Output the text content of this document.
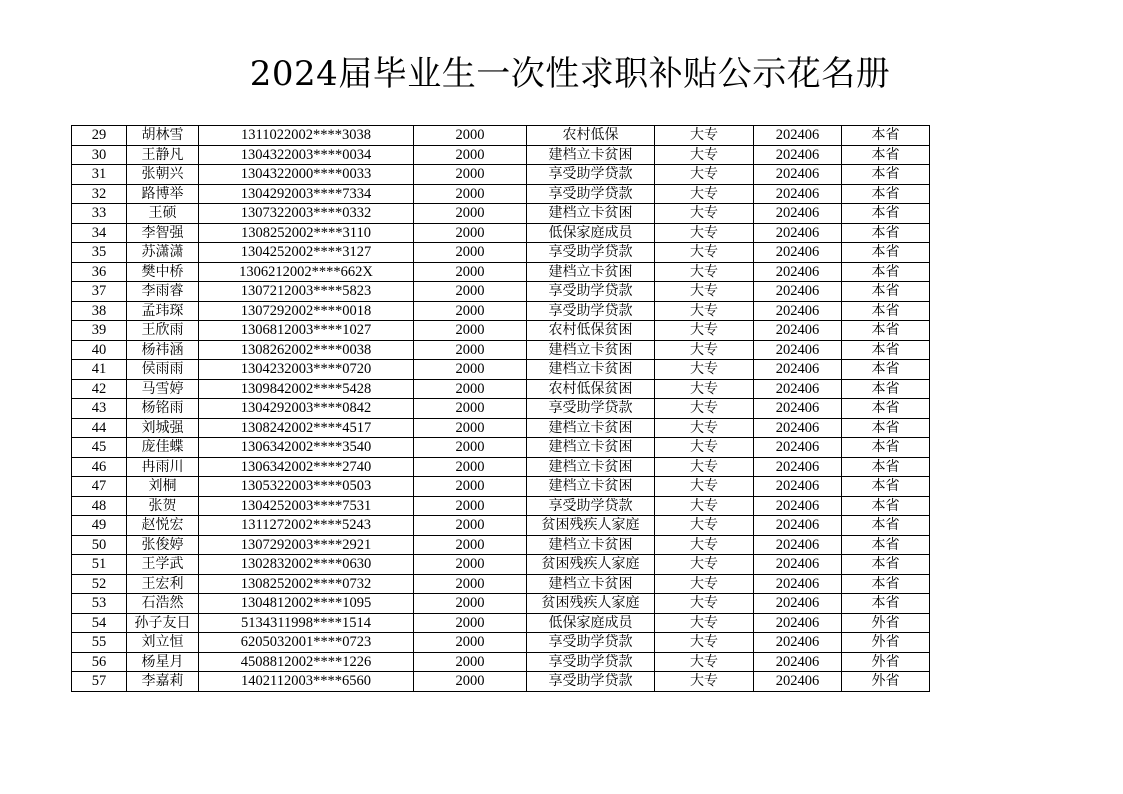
2024届毕业生一次性求职补贴公示花名册
29	胡林雪	1311022002****3038	2000	农村低保	大专	202406	本省
30	王静凡	1304322003****0034	2000	建档立卡贫困	大专	202406	本省
31	张朝兴	1304322000****0033	2000	享受助学贷款	大专	202406	本省
32	路博举	1304292003****7334	2000	享受助学贷款	大专	202406	本省
33	王硕	1307322003****0332	2000	建档立卡贫困	大专	202406	本省
34	李智强	1308252002****3110	2000	低保家庭成员	大专	202406	本省
35	苏潇潇	1304252002****3127	2000	享受助学贷款	大专	202406	本省
36	樊中桥	1306212002****662X	2000	建档立卡贫困	大专	202406	本省
37	李雨睿	1307212003****5823	2000	享受助学贷款	大专	202406	本省
38	孟玮琛	1307292002****0018	2000	享受助学贷款	大专	202406	本省
39	王欣雨	1306812003****1027	2000	农村低保贫困	大专	202406	本省
40	杨祎涵	1308262002****0038	2000	建档立卡贫困	大专	202406	本省
41	侯雨雨	1304232003****0720	2000	建档立卡贫困	大专	202406	本省
42	马雪婷	1309842002****5428	2000	农村低保贫困	大专	202406	本省
43	杨铭雨	1304292003****0842	2000	享受助学贷款	大专	202406	本省
44	刘城强	1308242002****4517	2000	建档立卡贫困	大专	202406	本省
45	庞佳蝶	1306342002****3540	2000	建档立卡贫困	大专	202406	本省
46	冉雨川	1306342002****2740	2000	建档立卡贫困	大专	202406	本省
47	刘桐	1305322003****0503	2000	建档立卡贫困	大专	202406	本省
48	张贺	1304252003****7531	2000	享受助学贷款	大专	202406	本省
49	赵悦宏	1311272002****5243	2000	贫困残疾人家庭	大专	202406	本省
50	张俊婷	1307292003****2921	2000	建档立卡贫困	大专	202406	本省
51	王学武	1302832002****0630	2000	贫困残疾人家庭	大专	202406	本省
52	王宏利	1308252002****0732	2000	建档立卡贫困	大专	202406	本省
53	石浩然	1304812002****1095	2000	贫困残疾人家庭	大专	202406	本省
54	孙子友日	5134311998****1514	2000	低保家庭成员	大专	202406	外省
55	刘立恒	6205032001****0723	2000	享受助学贷款	大专	202406	外省
56	杨星月	4508812002****1226	2000	享受助学贷款	大专	202406	外省
57	李嘉莉	1402112003****6560	2000	享受助学贷款	大专	202406	外省
